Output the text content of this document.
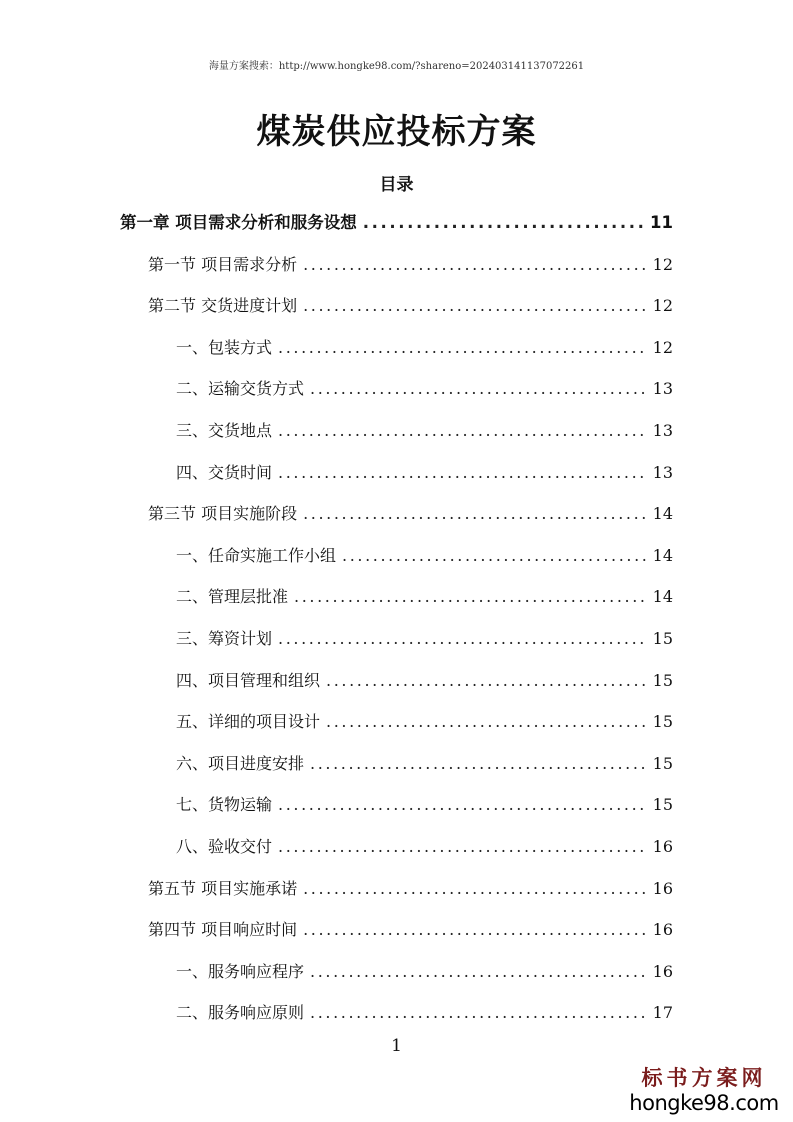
海量方案搜索：http://www.hongke98.com/?shareno=202403141137072261
煤炭供应投标方案
目录
第一章 项目需求分析和服务设想 .....	11
第一节 项目需求分析 .....	12
第二节 交货进度计划 .....	12
一、包装方式 .....	12
二、运输交货方式 .....	13
三、交货地点 .....	13
四、交货时间 .....	13
第三节 项目实施阶段 .....	14
一、任命实施工作小组 .....	14
二、管理层批准 .....	14
三、筹资计划 .....	15
四、项目管理和组织 .....	15
五、详细的项目设计 .....	15
六、项目进度安排 .....	15
七、货物运输 .....	15
八、验收交付 .....	16
第五节 项目实施承诺 .....	16
第四节 项目响应时间 .....	16
一、服务响应程序 .....	16
二、服务响应原则 .....	17
1
标书方案网
hongke98.com
